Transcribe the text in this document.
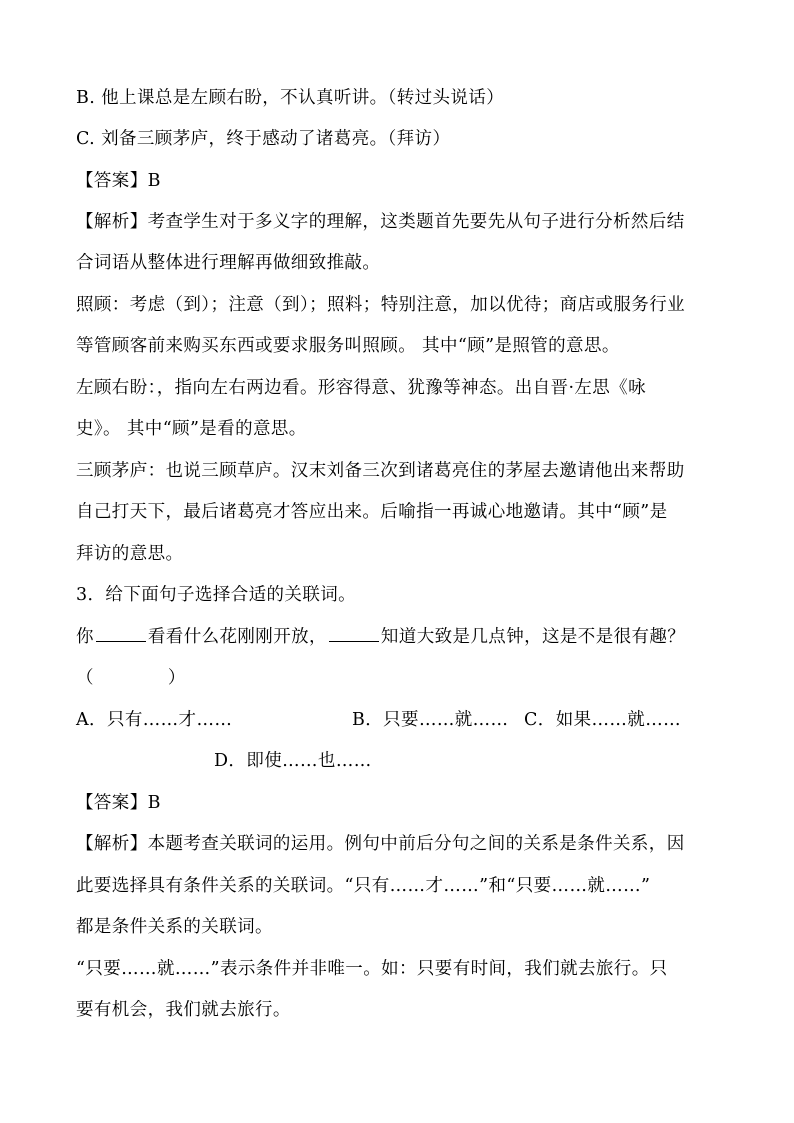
B. 他上课总是左顾右盼，不认真听讲。（转过头说话）
C. 刘备三顾茅庐，终于感动了诸葛亮。（拜访）
【答案】B
【解析】考查学生对于多义字的理解，这类题首先要先从句子进行分析然后结
合词语从整体进行理解再做细致推敲。
照顾：考虑（到）；注意（到）；照料；特别注意，加以优待；商店或服务行业
等管顾客前来购买东西或要求服务叫照顾。 其中“顾”是照管的意思。
左顾右盼：，指向左右两边看。形容得意、犹豫等神态。出自晋·左思《咏
史》。 其中“顾”是看的意思。
三顾茅庐：也说三顾草庐。汉末刘备三次到诸葛亮住的茅屋去邀请他出来帮助
自己打天下，最后诸葛亮才答应出来。后喻指一再诚心地邀请。其中“顾”是
拜访的意思。
3．给下面句子选择合适的关联词。
你	看看什么花刚刚开放，	知道大致是几点钟，这是不是很有趣？
（	）
A．只有……才……	B．只要……就…… C．如果……就……
D．即使……也……
【答案】B
【解析】本题考查关联词的运用。例句中前后分句之间的关系是条件关系，因
此要选择具有条件关系的关联词。“只有……才……”和“只要……就……”
都是条件关系的关联词。
“只要……就……”表示条件并非唯一。如：只要有时间，我们就去旅行。只
要有机会，我们就去旅行。
